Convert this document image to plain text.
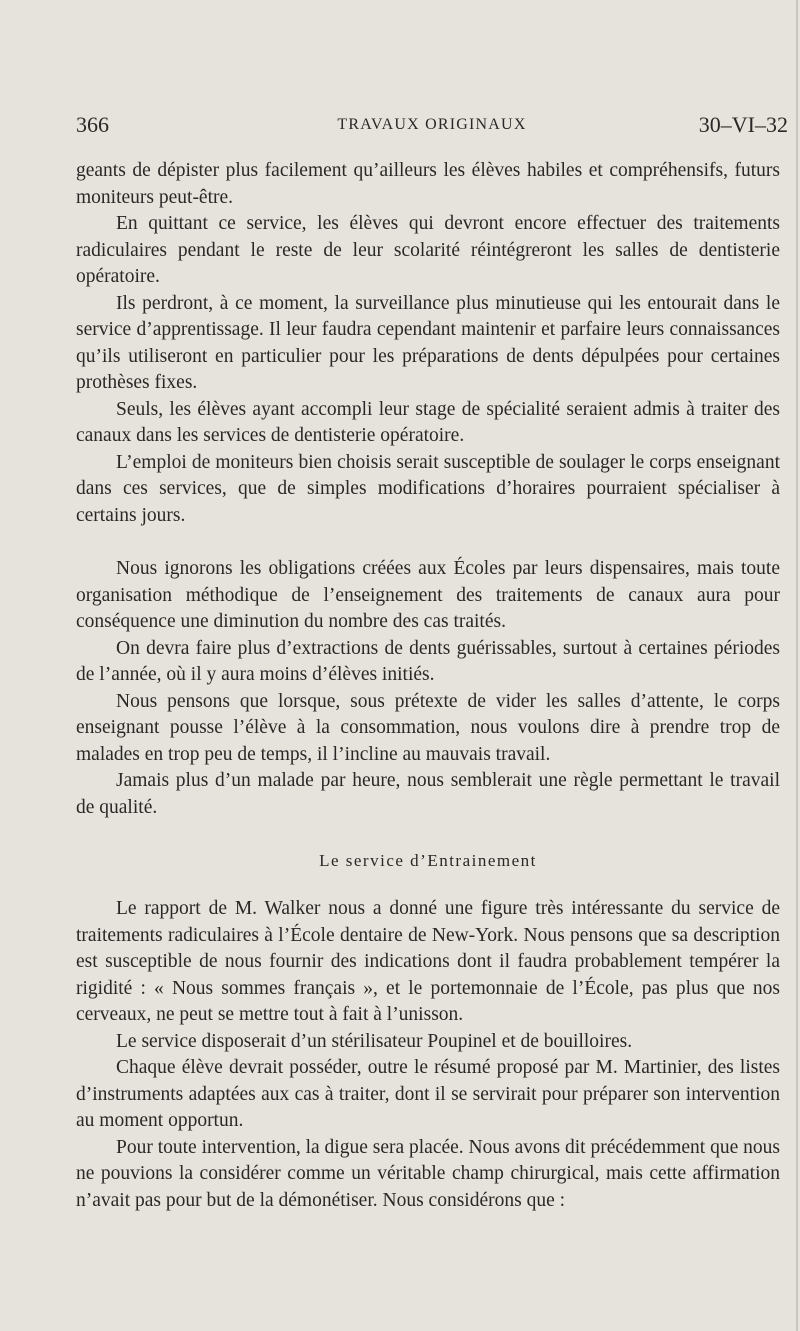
366	TRAVAUX ORIGINAUX	30–VI–32

geants de dépister plus facilement qu’ailleurs les élèves habiles et compréhensifs, futurs moniteurs peut-être.

En quittant ce service, les élèves qui devront encore effectuer des traitements radiculaires pendant le reste de leur scolarité réintégreront les salles de dentisterie opératoire.

Ils perdront, à ce moment, la surveillance plus minutieuse qui les entourait dans le service d’apprentissage. Il leur faudra cependant maintenir et parfaire leurs connaissances qu’ils utiliseront en particulier pour les préparations de dents dépulpées pour certaines prothèses fixes.

Seuls, les élèves ayant accompli leur stage de spécialité seraient admis à traiter des canaux dans les services de dentisterie opératoire.

L’emploi de moniteurs bien choisis serait susceptible de soulager le corps enseignant dans ces services, que de simples modifications d’horaires pourraient spécialiser à certains jours.

Nous ignorons les obligations créées aux Écoles par leurs dispensaires, mais toute organisation méthodique de l’enseignement des traitements de canaux aura pour conséquence une diminution du nombre des cas traités.

On devra faire plus d’extractions de dents guérissables, surtout à certaines périodes de l’année, où il y aura moins d’élèves initiés.

Nous pensons que lorsque, sous prétexte de vider les salles d’attente, le corps enseignant pousse l’élève à la consommation, nous voulons dire à prendre trop de malades en trop peu de temps, il l’incline au mauvais travail.

Jamais plus d’un malade par heure, nous semblerait une règle permettant le travail de qualité.

Le service d’Entrainement

Le rapport de M. Walker nous a donné une figure très intéressante du service de traitements radiculaires à l’École dentaire de New-York. Nous pensons que sa description est susceptible de nous fournir des indications dont il faudra probablement tempérer la rigidité : « Nous sommes français », et le portemonnaie de l’École, pas plus que nos cerveaux, ne peut se mettre tout à fait à l’unisson.

Le service disposerait d’un stérilisateur Poupinel et de bouilloires.

Chaque élève devrait posséder, outre le résumé proposé par M. Martinier, des listes d’instruments adaptées aux cas à traiter, dont il se servirait pour préparer son intervention au moment opportun.

Pour toute intervention, la digue sera placée. Nous avons dit précédemment que nous ne pouvions la considérer comme un véritable champ chirurgical, mais cette affirmation n’avait pas pour but de la démonétiser. Nous considérons que :
